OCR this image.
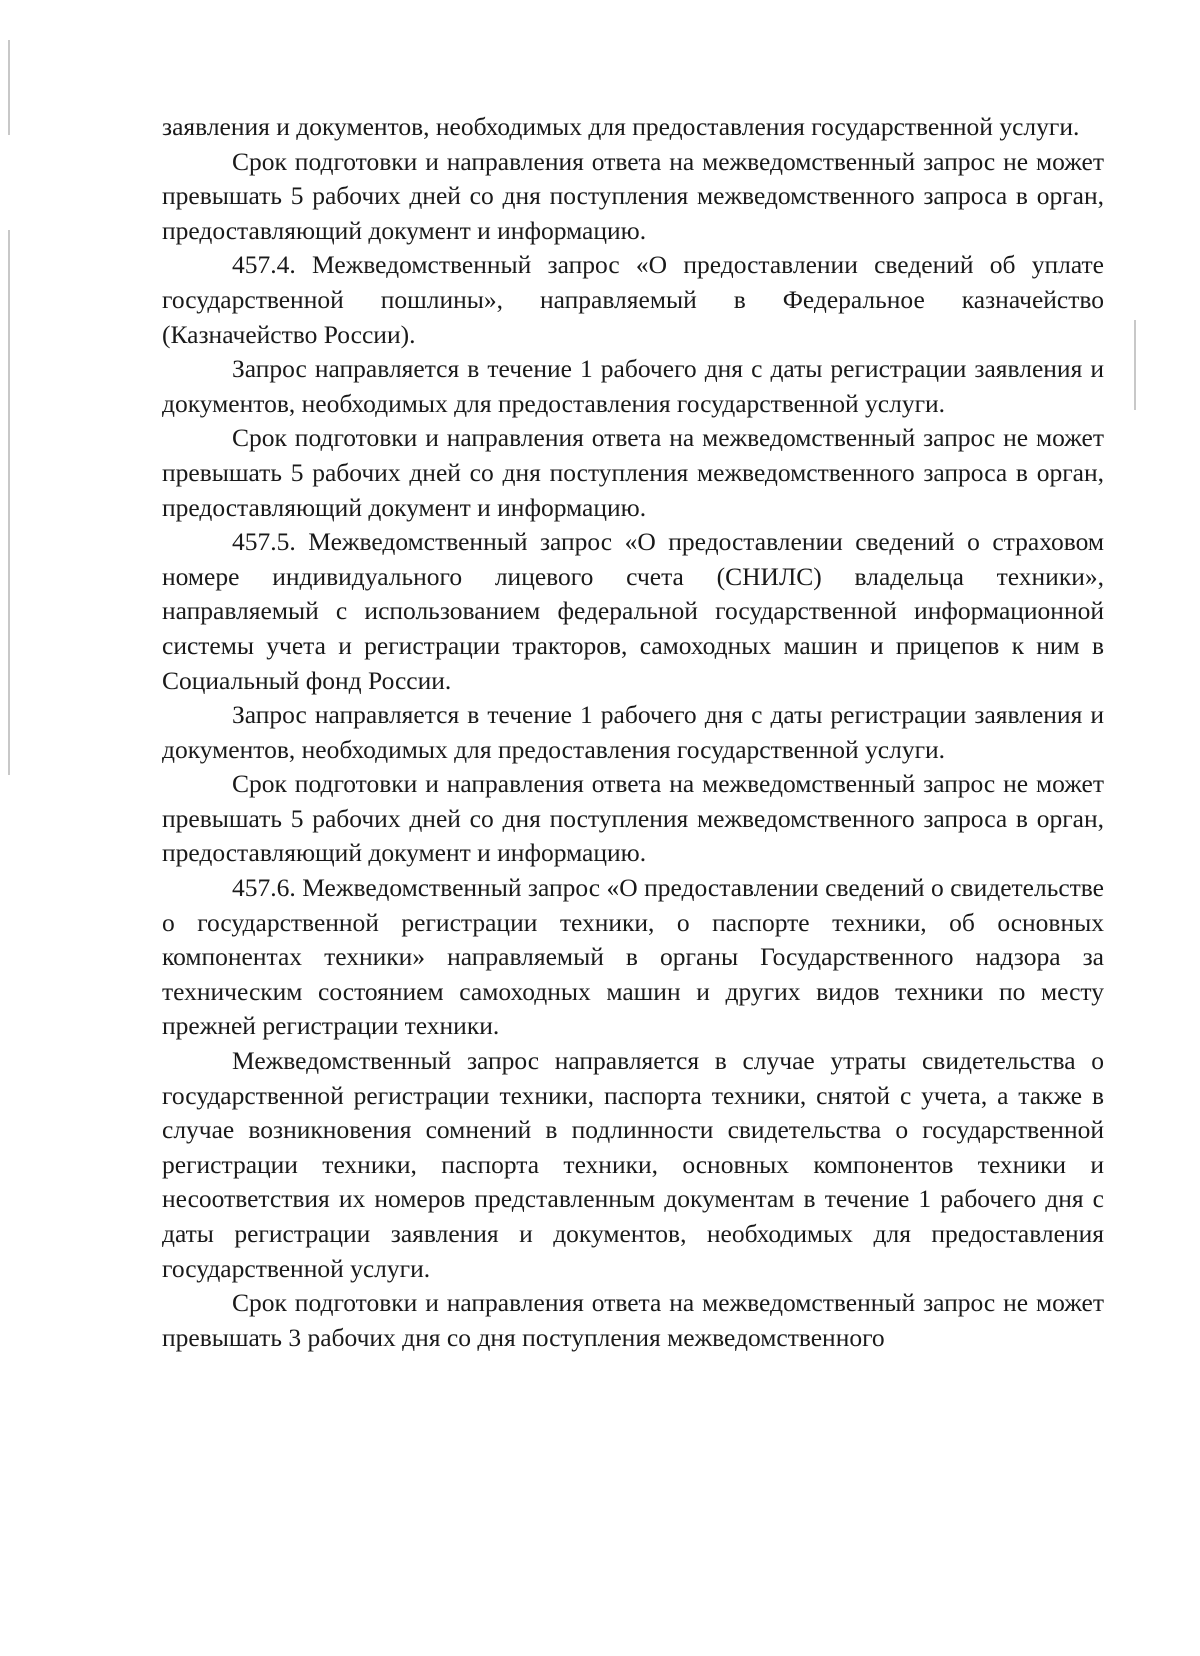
заявления и документов, необходимых для предоставления государственной услуги.

Срок подготовки и направления ответа на межведомственный запрос не может превышать 5 рабочих дней со дня поступления межведомственного запроса в орган, предоставляющий документ и информацию.

457.4. Межведомственный запрос «О предоставлении сведений об уплате государственной пошлины», направляемый в Федеральное казначейство (Казначейство России).

Запрос направляется в течение 1 рабочего дня с даты регистрации заявления и документов, необходимых для предоставления государственной услуги.

Срок подготовки и направления ответа на межведомственный запрос не может превышать 5 рабочих дней со дня поступления межведомственного запроса в орган, предоставляющий документ и информацию.

457.5. Межведомственный запрос «О предоставлении сведений о страховом номере индивидуального лицевого счета (СНИЛС) владельца техники», направляемый с использованием федеральной государственной информационной системы учета и регистрации тракторов, самоходных машин и прицепов к ним в Социальный фонд России.

Запрос направляется в течение 1 рабочего дня с даты регистрации заявления и документов, необходимых для предоставления государственной услуги.

Срок подготовки и направления ответа на межведомственный запрос не может превышать 5 рабочих дней со дня поступления межведомственного запроса в орган, предоставляющий документ и информацию.

457.6. Межведомственный запрос «О предоставлении сведений о свидетельстве о государственной регистрации техники, о паспорте техники, об основных компонентах техники» направляемый в органы Государственного надзора за техническим состоянием самоходных машин и других видов техники по месту прежней регистрации техники.

Межведомственный запрос направляется в случае утраты свидетельства о государственной регистрации техники, паспорта техники, снятой с учета, а также в случае возникновения сомнений в подлинности свидетельства о государственной регистрации техники, паспорта техники, основных компонентов техники и несоответствия их номеров представленным документам в течение 1 рабочего дня с даты регистрации заявления и документов, необходимых для предоставления государственной услуги.

Срок подготовки и направления ответа на межведомственный запрос не может превышать 3 рабочих дня со дня поступления межведомственного
